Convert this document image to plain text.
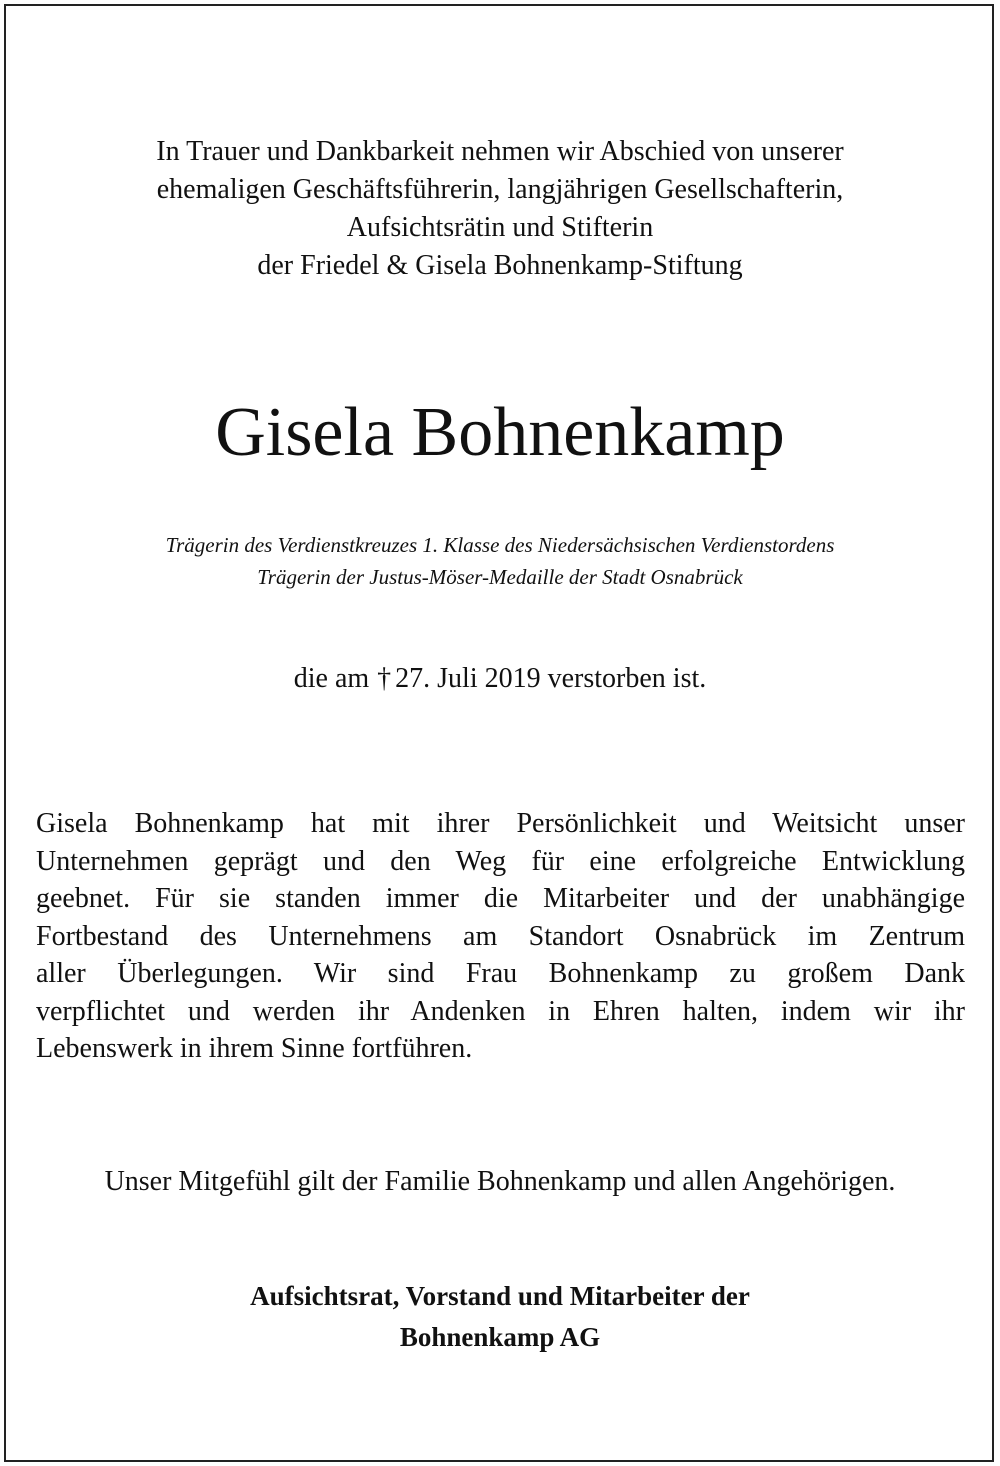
In Trauer und Dankbarkeit nehmen wir Abschied von unserer
ehemaligen Geschäftsführerin, langjährigen Gesellschafterin,
Aufsichtsrätin und Stifterin
der Friedel & Gisela Bohnenkamp-Stiftung
Gisela Bohnenkamp
Trägerin des Verdienstkreuzes 1. Klasse des Niedersächsischen Verdienstordens
Trägerin der Justus-Möser-Medaille der Stadt Osnabrück
die am † 27. Juli 2019 verstorben ist.
Gisela Bohnenkamp hat mit ihrer Persönlichkeit und Weitsicht unser
Unternehmen geprägt und den Weg für eine erfolgreiche Entwicklung
geebnet. Für sie standen immer die Mitarbeiter und der unabhängige
Fortbestand des Unternehmens am Standort Osnabrück im Zentrum
aller Überlegungen. Wir sind Frau Bohnenkamp zu großem Dank
verpflichtet und werden ihr Andenken in Ehren halten, indem wir ihr
Lebenswerk in ihrem Sinne fortführen.
Unser Mitgefühl gilt der Familie Bohnenkamp und allen Angehörigen.
Aufsichtsrat, Vorstand und Mitarbeiter der
Bohnenkamp AG
